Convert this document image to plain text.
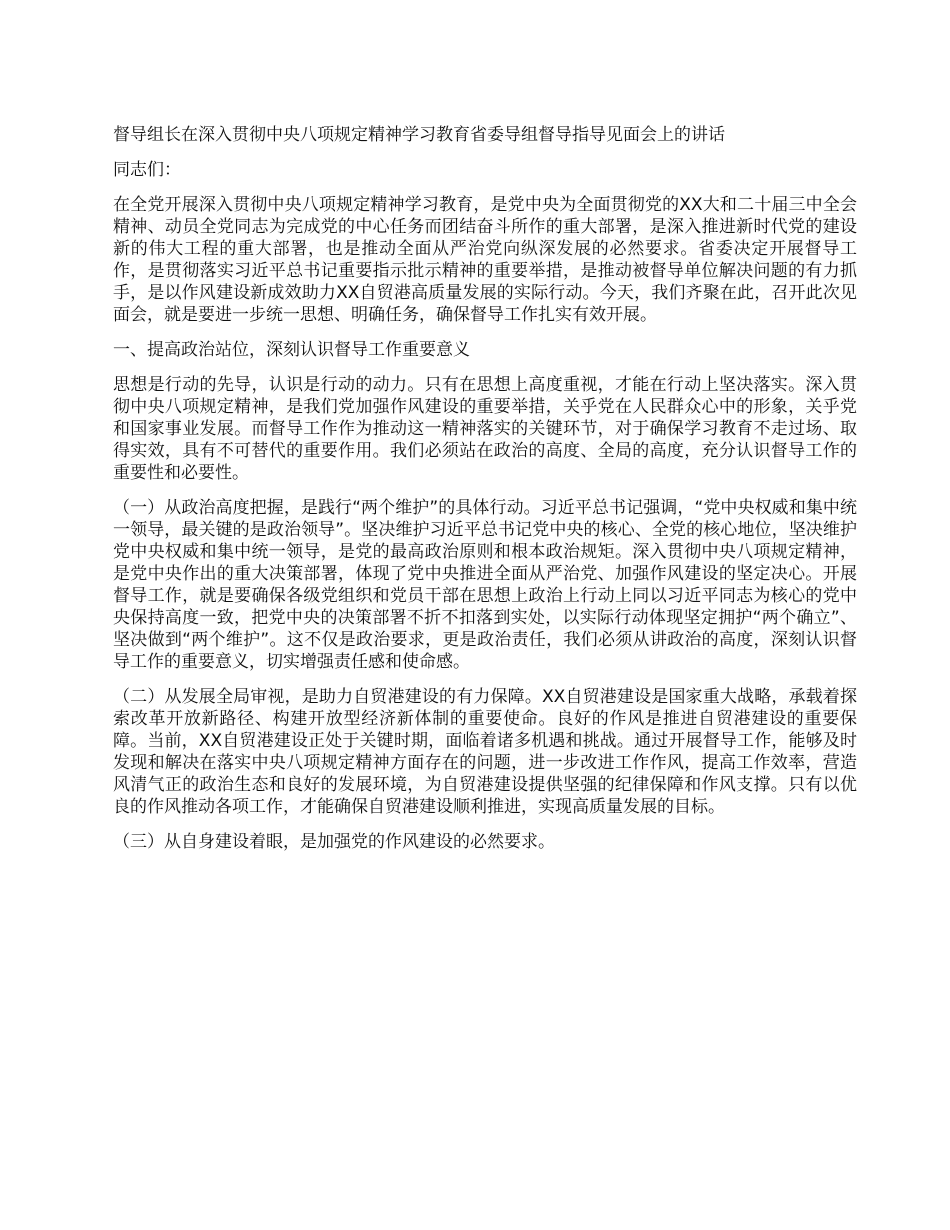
督导组长在深入贯彻中央八项规定精神学习教育省委导组督导指导见面会上的讲话

同志们：

在全党开展深入贯彻中央八项规定精神学习教育，是党中央为全面贯彻党的XX大和二十届三中全会精神、动员全党同志为完成党的中心任务而团结奋斗所作的重大部署，是深入推进新时代党的建设新的伟大工程的重大部署，也是推动全面从严治党向纵深发展的必然要求。省委决定开展督导工作，是贯彻落实习近平总书记重要指示批示精神的重要举措，是推动被督导单位解决问题的有力抓手，是以作风建设新成效助力XX自贸港高质量发展的实际行动。今天，我们齐聚在此，召开此次见面会，就是要进一步统一思想、明确任务，确保督导工作扎实有效开展。

一、提高政治站位，深刻认识督导工作重要意义

思想是行动的先导，认识是行动的动力。只有在思想上高度重视，才能在行动上坚决落实。深入贯彻中央八项规定精神，是我们党加强作风建设的重要举措，关乎党在人民群众心中的形象，关乎党和国家事业发展。而督导工作作为推动这一精神落实的关键环节，对于确保学习教育不走过场、取得实效，具有不可替代的重要作用。我们必须站在政治的高度、全局的高度，充分认识督导工作的重要性和必要性。

（一）从政治高度把握，是践行“两个维护”的具体行动。习近平总书记强调，“党中央权威和集中统一领导，最关键的是政治领导”。坚决维护习近平总书记党中央的核心、全党的核心地位，坚决维护党中央权威和集中统一领导，是党的最高政治原则和根本政治规矩。深入贯彻中央八项规定精神，是党中央作出的重大决策部署，体现了党中央推进全面从严治党、加强作风建设的坚定决心。开展督导工作，就是要确保各级党组织和党员干部在思想上政治上行动上同以习近平同志为核心的党中央保持高度一致，把党中央的决策部署不折不扣落到实处，以实际行动体现坚定拥护“两个确立”、坚决做到“两个维护”。这不仅是政治要求，更是政治责任，我们必须从讲政治的高度，深刻认识督导工作的重要意义，切实增强责任感和使命感。

（二）从发展全局审视，是助力自贸港建设的有力保障。XX自贸港建设是国家重大战略，承载着探索改革开放新路径、构建开放型经济新体制的重要使命。良好的作风是推进自贸港建设的重要保障。当前，XX自贸港建设正处于关键时期，面临着诸多机遇和挑战。通过开展督导工作，能够及时发现和解决在落实中央八项规定精神方面存在的问题，进一步改进工作作风，提高工作效率，营造风清气正的政治生态和良好的发展环境，为自贸港建设提供坚强的纪律保障和作风支撑。只有以优良的作风推动各项工作，才能确保自贸港建设顺利推进，实现高质量发展的目标。

（三）从自身建设着眼，是加强党的作风建设的必然要求。
